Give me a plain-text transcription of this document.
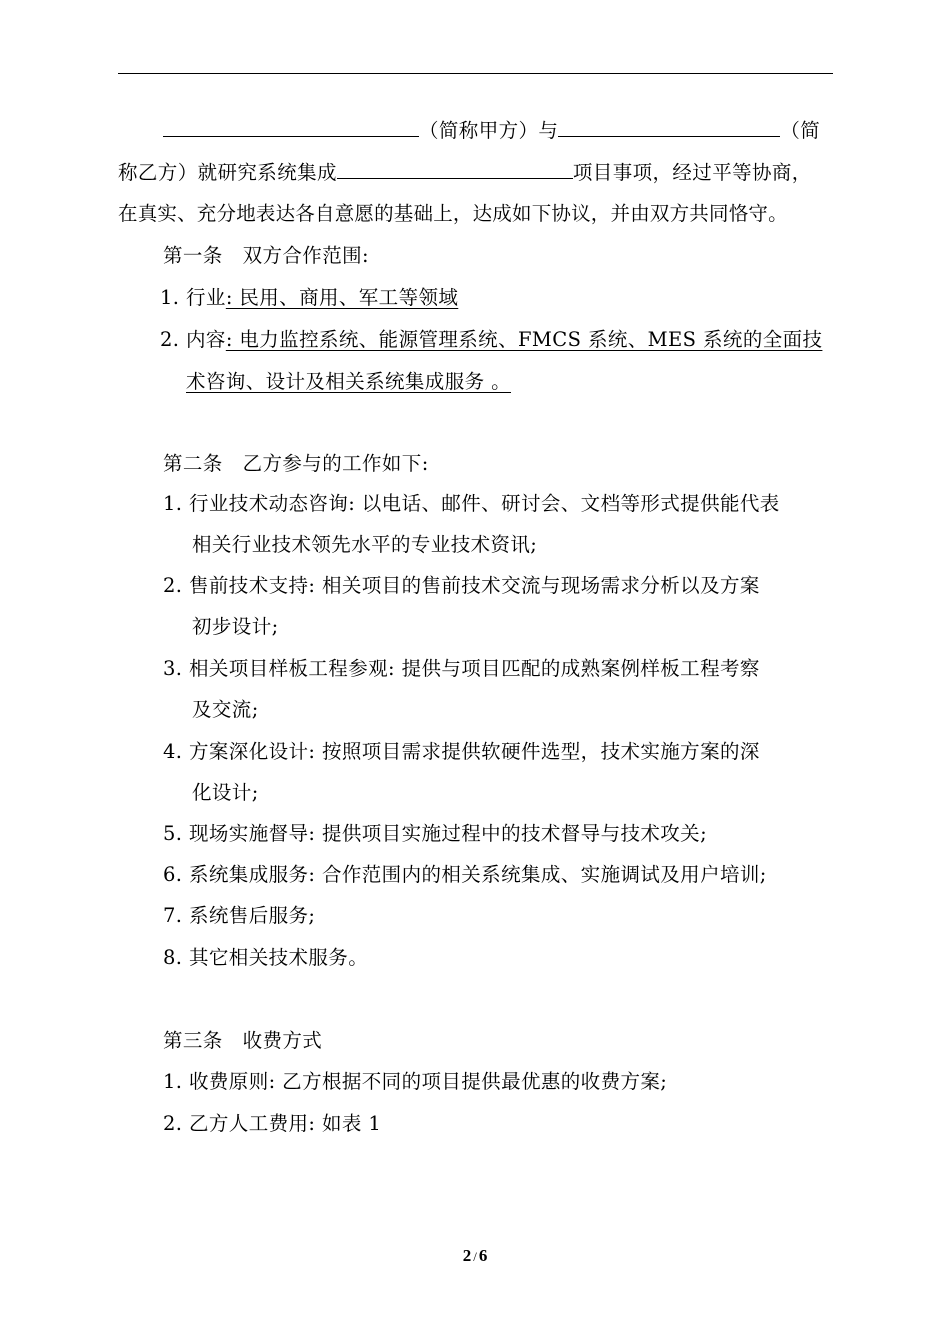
（简称甲方）与	（简
称乙方）就研究系统集成	项目事项，经过平等协商，
在真实、充分地表达各自意愿的基础上，达成如下协议，并由双方共同恪守。
第一条　双方合作范围:
1. 行业: 民用、商用、军工等领域
2. 内容: 电力监控系统、能源管理系统、FMCS 系统、MES 系统的全面技
术咨询、设计及相关系统集成服务 。
第二条　乙方参与的工作如下:
1. 行业技术动态咨询: 以电话、邮件、研讨会、文档等形式提供能代表
相关行业技术领先水平的专业技术资讯;
2. 售前技术支持: 相关项目的售前技术交流与现场需求分析以及方案
初步设计;
3. 相关项目样板工程参观: 提供与项目匹配的成熟案例样板工程考察
及交流;
4. 方案深化设计: 按照项目需求提供软硬件选型，技术实施方案的深
化设计;
5. 现场实施督导: 提供项目实施过程中的技术督导与技术攻关;
6. 系统集成服务: 合作范围内的相关系统集成、实施调试及用户培训;
7. 系统售后服务;
8. 其它相关技术服务。
第三条　收费方式
1. 收费原则: 乙方根据不同的项目提供最优惠的收费方案;
2. 乙方人工费用: 如表 1
2 / 6
